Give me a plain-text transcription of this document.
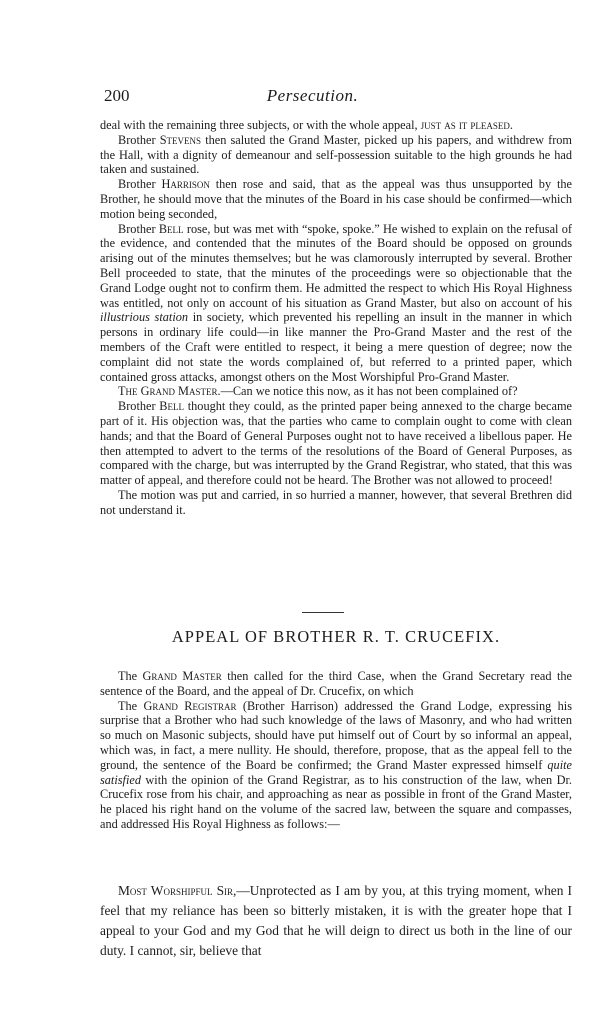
200	Persecution.

deal with the remaining three subjects, or with the whole appeal, just as it pleased.

Brother Stevens then saluted the Grand Master, picked up his papers, and withdrew from the Hall, with a dignity of demeanour and self-possession suitable to the high grounds he had taken and sustained.

Brother Harrison then rose and said, that as the appeal was thus unsupported by the Brother, he should move that the minutes of the Board in his case should be confirmed—which motion being seconded,

Brother Bell rose, but was met with “spoke, spoke.” He wished to explain on the refusal of the evidence, and contended that the minutes of the Board should be opposed on grounds arising out of the minutes themselves; but he was clamorously interrupted by several. Brother Bell proceeded to state, that the minutes of the proceedings were so objectionable that the Grand Lodge ought not to confirm them. He admitted the respect to which His Royal Highness was entitled, not only on account of his situation as Grand Master, but also on account of his illustrious station in society, which prevented his repelling an insult in the manner in which persons in ordinary life could—in like manner the Pro-Grand Master and the rest of the members of the Craft were entitled to respect, it being a mere question of degree; now the complaint did not state the words complained of, but referred to a printed paper, which contained gross attacks, amongst others on the Most Worshipful Pro-Grand Master.

The Grand Master.—Can we notice this now, as it has not been complained of?

Brother Bell thought they could, as the printed paper being annexed to the charge became part of it. His objection was, that the parties who came to complain ought to come with clean hands; and that the Board of General Purposes ought not to have received a libellous paper. He then attempted to advert to the terms of the resolutions of the Board of General Purposes, as compared with the charge, but was interrupted by the Grand Registrar, who stated, that this was matter of appeal, and therefore could not be heard. The Brother was not allowed to proceed!

The motion was put and carried, in so hurried a manner, however, that several Brethren did not understand it.

APPEAL OF BROTHER R. T. CRUCEFIX.

The Grand Master then called for the third Case, when the Grand Secretary read the sentence of the Board, and the appeal of Dr. Crucefix, on which

The Grand Registrar (Brother Harrison) addressed the Grand Lodge, expressing his surprise that a Brother who had such knowledge of the laws of Masonry, and who had written so much on Masonic subjects, should have put himself out of Court by so informal an appeal, which was, in fact, a mere nullity. He should, therefore, propose, that as the appeal fell to the ground, the sentence of the Board be confirmed; the Grand Master expressed himself quite satisfied with the opinion of the Grand Registrar, as to his construction of the law, when Dr. Crucefix rose from his chair, and approaching as near as possible in front of the Grand Master, he placed his right hand on the volume of the sacred law, between the square and compasses, and addressed His Royal Highness as follows:—

Most Worshipful Sir,—Unprotected as I am by you, at this trying moment, when I feel that my reliance has been so bitterly mistaken, it is with the greater hope that I appeal to your God and my God that he will deign to direct us both in the line of our duty. I cannot, sir, believe that
